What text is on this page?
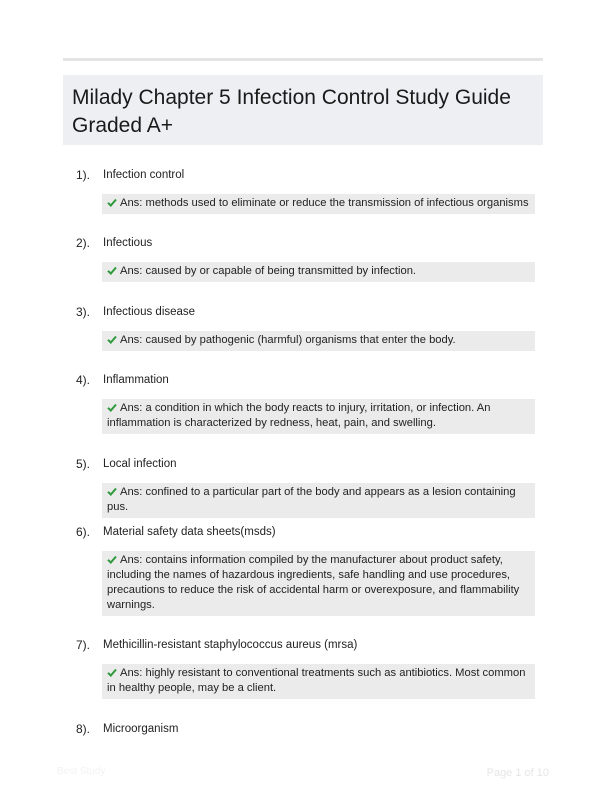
Milady Chapter 5 Infection Control Study Guide Graded A+
1). Infection control
Ans: methods used to eliminate or reduce the transmission of infectious organisms
2). Infectious
Ans: caused by or capable of being transmitted by infection.
3). Infectious disease
Ans: caused by pathogenic (harmful) organisms that enter the body.
4). Inflammation
Ans: a condition in which the body reacts to injury, irritation, or infection. An inflammation is characterized by redness, heat, pain, and swelling.
5). Local infection
Ans: confined to a particular part of the body and appears as a lesion containing pus.
6). Material safety data sheets(msds)
Ans: contains information compiled by the manufacturer about product safety, including the names of hazardous ingredients, safe handling and use procedures, precautions to reduce the risk of accidental harm or overexposure, and flammability warnings.
7). Methicillin-resistant staphylococcus aureus (mrsa)
Ans: highly resistant to conventional treatments such as antibiotics. Most common in healthy people, may be a client.
8). Microorganism
Best Study	Page 1 of 10
